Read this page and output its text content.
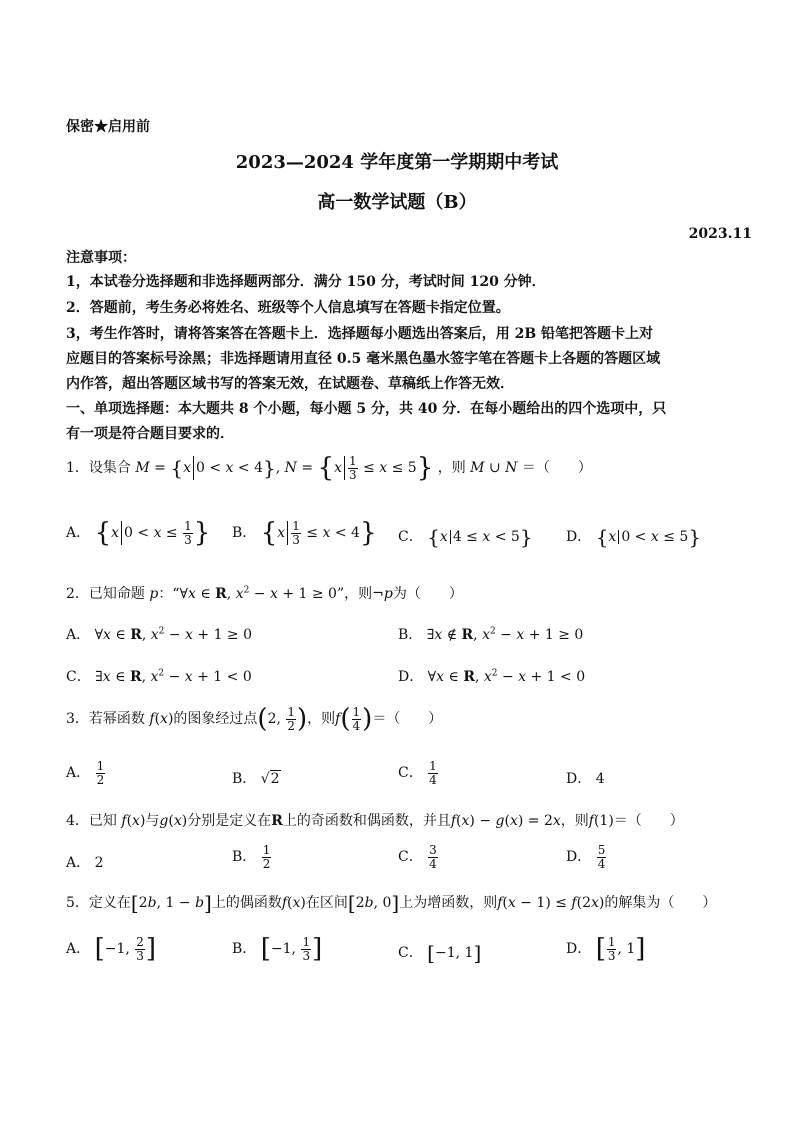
保密★启用前
2023—2024 学年度第一学期期中考试
高一数学试题（B）
2023.11
注意事项：
1，本试卷分选择题和非选择题两部分．满分 150 分，考试时间 120 分钟．
2．答题前，考生务必将姓名、班级等个人信息填写在答题卡指定位置。
3，考生作答时，请将答案答在答题卡上．选择题每小题选出答案后，用 2B 铅笔把答题卡上对
应题目的答案标号涂黑；非选择题请用直径 0.5 毫米黑色墨水签字笔在答题卡上各题的答题区域
内作答，超出答题区域书写的答案无效，在试题卷、草稿纸上作答无效．
一、单项选择题：本大题共 8 个小题，每小题 5 分，共 40 分．在每小题给出的四个选项中，只
有一项是符合题目要求的．
1．设集合 M = {x 0 < x < 4}, $N = \{x \frac{1}{3} \le x \le 5\}$ ，则 M ∪ N ＝（　　）
A． {x $0 < x \le \frac{1}{3}$ } B． $\{x \frac{1}{3} \le x < 4\}$ C． {x 4 ≤ x < 5} D． {x 0 < x ≤ 5}
2．已知命题 p：“∀x ∈ R, $x^2 - x + 1 \ge 0$”，则¬p为（　　）
A． ∀x ∈ R, $x^2 - x + 1 \ge 0$	B． ∃x ∉ R, $x^2 - x + 1 \ge 0$
C． ∃x ∈ R, $x^2 - x + 1 < 0$	D． ∀x ∈ R, $x^2 - x + 1 < 0$
3．若幂函数 f(x)的图象经过点(2, $\frac{1}{2}$ )，则$f( \frac{1}{4}$ )＝（　　）
A． $\frac{1}{2}$	B． √2	C． $\frac{1}{4}$	D． 4
4．已知 f(x)与g(x)分别是定义在R上的奇函数和偶函数，并且f(x) − g(x) = 2x，则f(1)＝（　　）
A． 2	B． $\frac{1}{2}$	C． $\frac{3}{4}$	D． $\frac{5}{4}$
5．定义在[2b, 1 − b]上的偶函数f(x)在区间[2b, 0]上为增函数，则f(x − 1) ≤ f(2x)的解集为（　　）
A． [−1, $\frac{2}{3}$ ]	B． [−1, $\frac{1}{3}$ ]	C． [−1, 1]	D． [ $\frac{1}{3}$ , 1]
